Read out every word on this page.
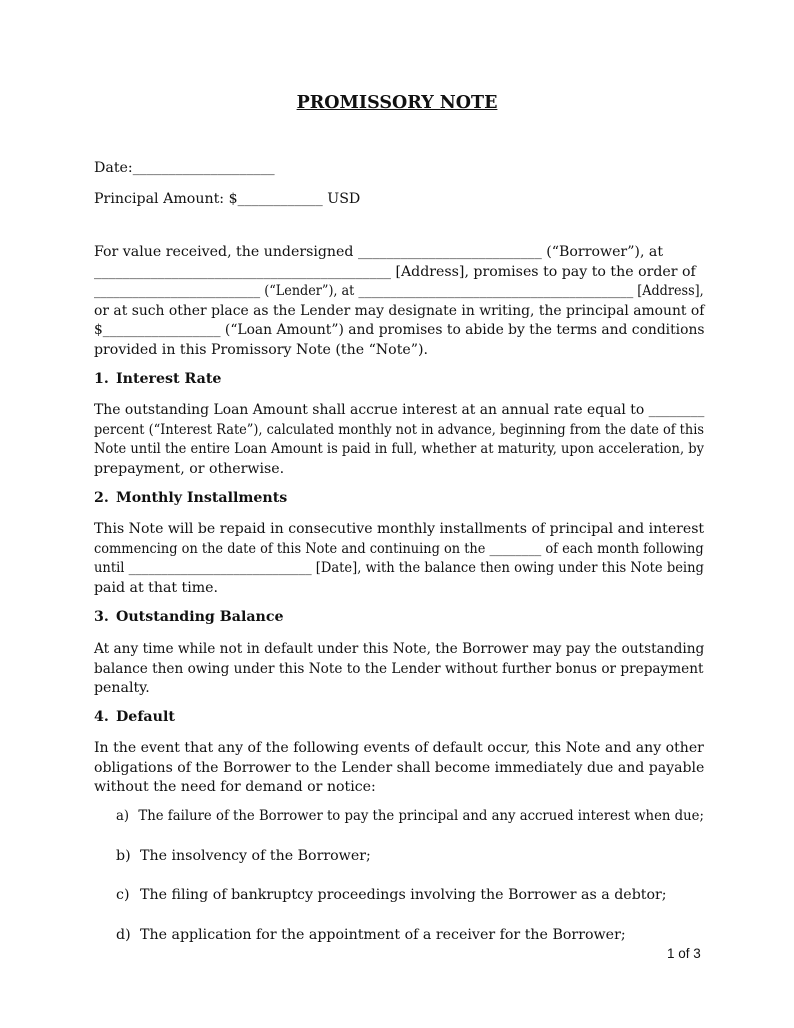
PROMISSORY NOTE
Date:____________________
Principal Amount: $____________ USD
For value received, the undersigned __________________________ (“Borrower”), at
__________________________________________ [Address], promises to pay to the order of
__________________________ (“Lender”), at ___________________________________________ [Address],
or at such other place as the Lender may designate in writing, the principal amount of
$_________________ (“Loan Amount”) and promises to abide by the terms and conditions
provided in this Promissory Note (the “Note”).
1. Interest Rate
The outstanding Loan Amount shall accrue interest at an annual rate equal to ________
percent (“Interest Rate”), calculated monthly not in advance, beginning from the date of this
Note until the entire Loan Amount is paid in full, whether at maturity, upon acceleration, by
prepayment, or otherwise.
2. Monthly Installments
This Note will be repaid in consecutive monthly installments of principal and interest
commencing on the date of this Note and continuing on the ________ of each month following
until ____________________________ [Date], with the balance then owing under this Note being
paid at that time.
3. Outstanding Balance
At any time while not in default under this Note, the Borrower may pay the outstanding
balance then owing under this Note to the Lender without further bonus or prepayment
penalty.
4. Default
In the event that any of the following events of default occur, this Note and any other
obligations of the Borrower to the Lender shall become immediately due and payable
without the need for demand or notice:
a) The failure of the Borrower to pay the principal and any accrued interest when due;
b) The insolvency of the Borrower;
c) The filing of bankruptcy proceedings involving the Borrower as a debtor;
d) The application for the appointment of a receiver for the Borrower;
1 of 3
